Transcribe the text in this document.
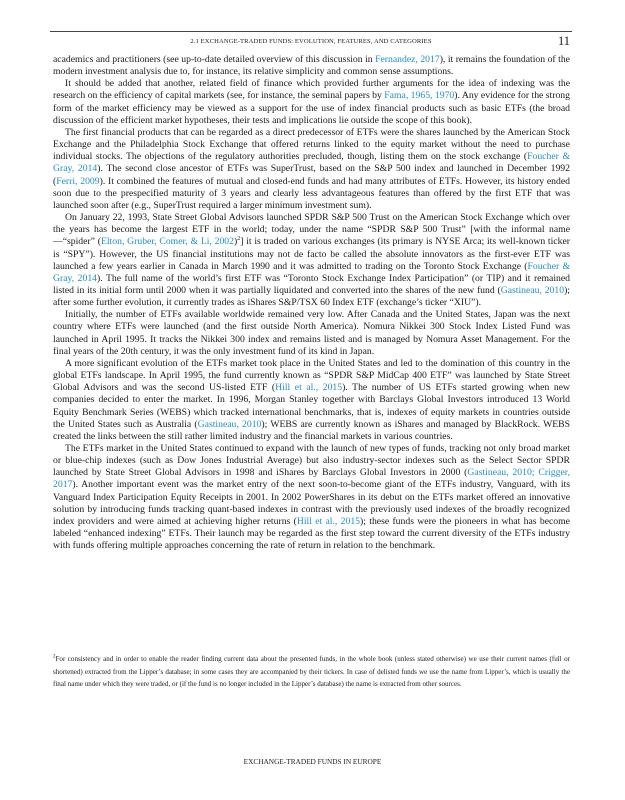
2.1 EXCHANGE-TRADED FUNDS: EVOLUTION, FEATURES, AND CATEGORIES	11

academics and practitioners (see up-to-date detailed overview of this discussion in Fernandez, 2017), it remains the foundation of the modern investment analysis due to, for instance, its relative simplicity and common sense assumptions.

It should be added that another, related field of finance which provided further arguments for the idea of indexing was the research on the efficiency of capital markets (see, for instance, the seminal papers by Fama, 1965, 1970). Any evidence for the strong form of the market efficiency may be viewed as a support for the use of index financial products such as basic ETFs (the broad discussion of the efficient market hypotheses, their tests and implications lie outside the scope of this book).

The first financial products that can be regarded as a direct predecessor of ETFs were the shares launched by the American Stock Exchange and the Philadelphia Stock Exchange that offered returns linked to the equity market without the need to purchase individual stocks. The objections of the regulatory authorities precluded, though, listing them on the stock exchange (Foucher & Gray, 2014). The second close ancestor of ETFs was SuperTrust, based on the S&P 500 index and launched in December 1992 (Ferri, 2009). It combined the features of mutual and closed-end funds and had many attributes of ETFs. However, its history ended soon due to the prespecified maturity of 3 years and clearly less advantageous features than offered by the first ETF that was launched soon after (e.g., SuperTrust required a larger minimum investment sum).

On January 22, 1993, State Street Global Advisors launched SPDR S&P 500 Trust on the American Stock Exchange which over the years has become the largest ETF in the world; today, under the name “SPDR S&P 500 Trust” [with the informal name—“spider” (Elton, Gruber, Comer, & Li, 2002)$^2$] it is traded on various exchanges (its primary is NYSE Arca; its well-known ticker is “SPY”). However, the US financial institutions may not de facto be called the absolute innovators as the first-ever ETF was launched a few years earlier in Canada in March 1990 and it was admitted to trading on the Toronto Stock Exchange (Foucher & Gray, 2014). The full name of the world’s first ETF was “Toronto Stock Exchange Index Participation” (or TIP) and it remained listed in its initial form until 2000 when it was partially liquidated and converted into the shares of the new fund (Gastineau, 2010); after some further evolution, it currently trades as iShares S&P/TSX 60 Index ETF (exchange’s ticker “XIU”).

Initially, the number of ETFs available worldwide remained very low. After Canada and the United States, Japan was the next country where ETFs were launched (and the first outside North America). Nomura Nikkei 300 Stock Index Listed Fund was launched in April 1995. It tracks the Nikkei 300 index and remains listed and is managed by Nomura Asset Management. For the final years of the 20th century, it was the only investment fund of its kind in Japan.

A more significant evolution of the ETFs market took place in the United States and led to the domination of this country in the global ETFs landscape. In April 1995, the fund currently known as “SPDR S&P MidCap 400 ETF” was launched by State Street Global Advisors and was the second US-listed ETF (Hill et al., 2015). The number of US ETFs started growing when new companies decided to enter the market. In 1996, Morgan Stanley together with Barclays Global Investors introduced 13 World Equity Benchmark Series (WEBS) which tracked international benchmarks, that is, indexes of equity markets in countries outside the United States such as Australia (Gastineau, 2010); WEBS are currently known as iShares and managed by BlackRock. WEBS created the links between the still rather limited industry and the financial markets in various countries.

The ETFs market in the United States continued to expand with the launch of new types of funds, tracking not only broad market or blue-chip indexes (such as Dow Jones Industrial Average) but also industry-sector indexes such as the Select Sector SPDR launched by State Street Global Advisors in 1998 and iShares by Barclays Global Investors in 2000 (Gastineau, 2010; Crigger, 2017). Another important event was the market entry of the next soon-to-become giant of the ETFs industry, Vanguard, with its Vanguard Index Participation Equity Receipts in 2001. In 2002 PowerShares in its debut on the ETFs market offered an innovative solution by introducing funds tracking quant-based indexes in contrast with the previously used indexes of the broadly recognized index providers and were aimed at achieving higher returns (Hill et al., 2015); these funds were the pioneers in what has become labeled “enhanced indexing” ETFs. Their launch may be regarded as the first step toward the current diversity of the ETFs industry with funds offering multiple approaches concerning the rate of return in relation to the benchmark.

$^2$For consistency and in order to enable the reader finding current data about the presented funds, in the whole book (unless stated otherwise) we use their current names (full or shortened) extracted from the Lipper’s database; in some cases they are accompanied by their tickers. In case of delisted funds we use the name from Lipper’s, which is usually the final name under which they were traded, or (if the fund is no longer included in the Lipper’s database) the name is extracted from other sources.
EXCHANGE-TRADED FUNDS IN EUROPE
